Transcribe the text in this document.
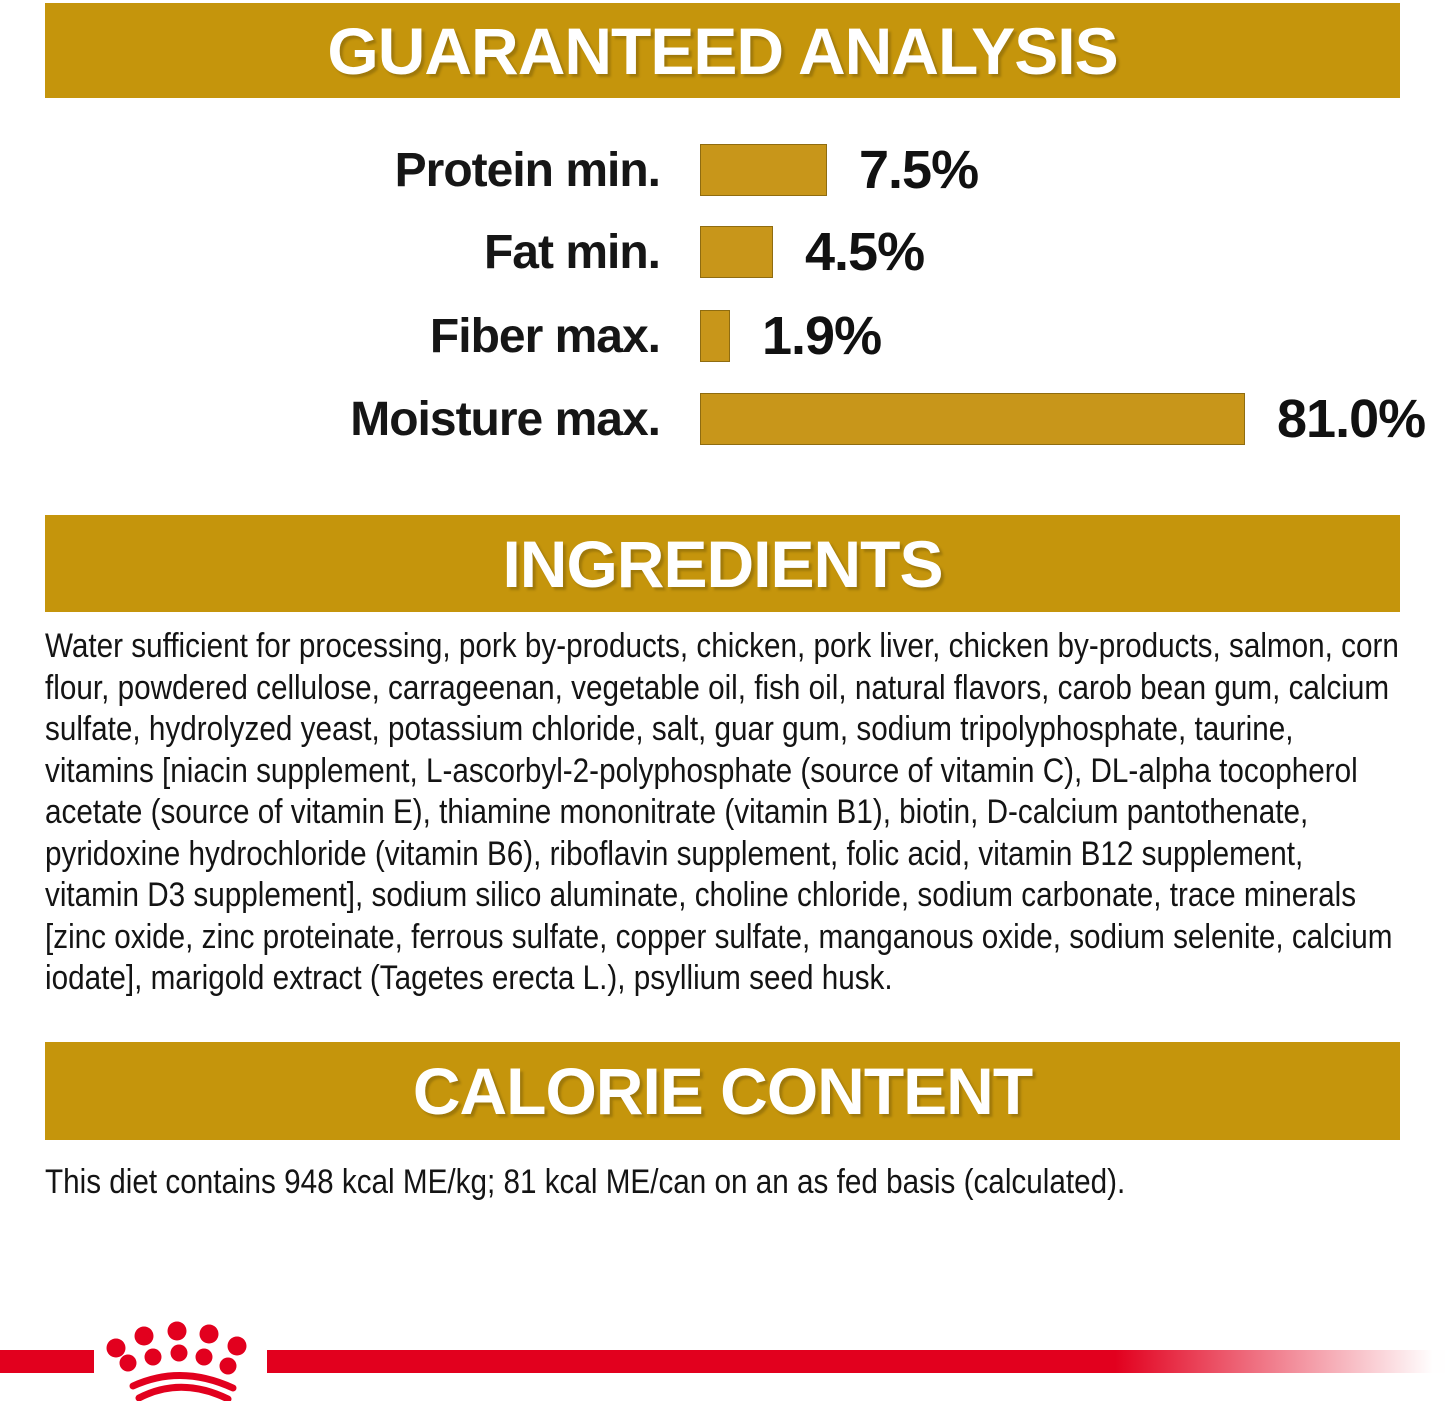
GUARANTEED ANALYSIS
Protein min.	7.5%
Fat min.	4.5%
Fiber max.	1.9%
Moisture max.	81.0%
INGREDIENTS
Water sufficient for processing, pork by-products, chicken, pork liver, chicken by-products, salmon, corn flour, powdered cellulose, carrageenan, vegetable oil, fish oil, natural flavors, carob bean gum, calcium sulfate, hydrolyzed yeast, potassium chloride, salt, guar gum, sodium tripolyphosphate, taurine, vitamins [niacin supplement, L-ascorbyl-2-polyphosphate (source of vitamin C), DL-alpha tocopherol acetate (source of vitamin E), thiamine mononitrate (vitamin B1), biotin, D-calcium pantothenate, pyridoxine hydrochloride (vitamin B6), riboflavin supplement, folic acid, vitamin B12 supplement, vitamin D3 supplement], sodium silico aluminate, choline chloride, sodium carbonate, trace minerals [zinc oxide, zinc proteinate, ferrous sulfate, copper sulfate, manganous oxide, sodium selenite, calcium iodate], marigold extract (Tagetes erecta L.), psyllium seed husk.
CALORIE CONTENT
This diet contains 948 kcal ME/kg; 81 kcal ME/can on an as fed basis (calculated).
